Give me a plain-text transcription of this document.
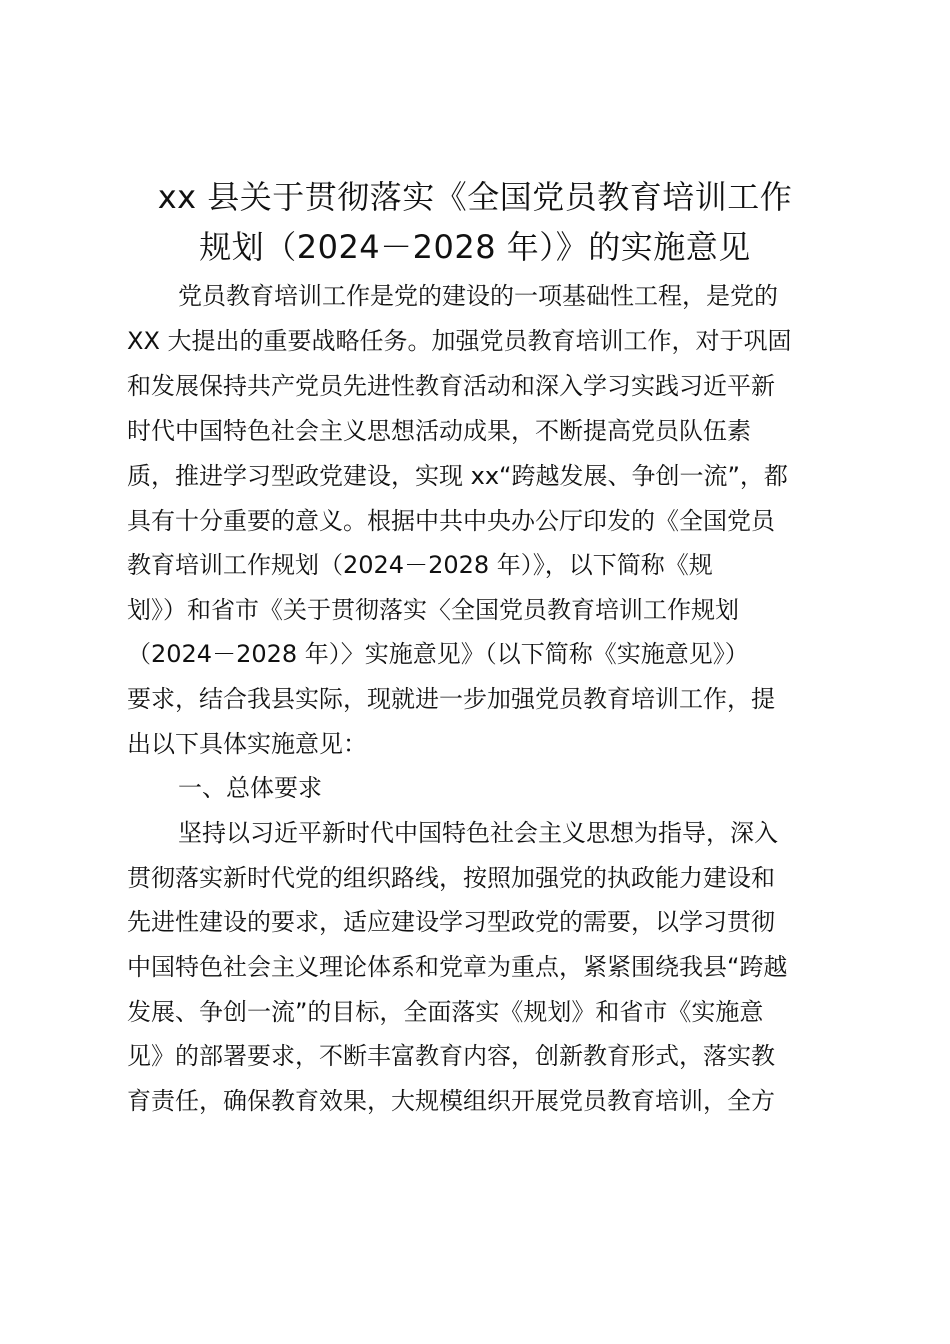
xx 县关于贯彻落实《全国党员教育培训工作
规划（2024－2028 年）》的实施意见
党员教育培训工作是党的建设的一项基础性工程，是党的
XX 大提出的重要战略任务。加强党员教育培训工作，对于巩固
和发展保持共产党员先进性教育活动和深入学习实践习近平新
时代中国特色社会主义思想活动成果，不断提高党员队伍素
质，推进学习型政党建设，实现 xx“跨越发展、争创一流”，都
具有十分重要的意义。根据中共中央办公厅印发的《全国党员
教育培训工作规划（2024－2028 年）》，以下简称《规
划》）和省市《关于贯彻落实〈全国党员教育培训工作规划
（2024－2028 年）〉实施意见》（以下简称《实施意见》）
要求，结合我县实际，现就进一步加强党员教育培训工作，提
出以下具体实施意见：
一、总体要求
坚持以习近平新时代中国特色社会主义思想为指导，深入
贯彻落实新时代党的组织路线，按照加强党的执政能力建设和
先进性建设的要求，适应建设学习型政党的需要，以学习贯彻
中国特色社会主义理论体系和党章为重点，紧紧围绕我县“跨越
发展、争创一流”的目标，全面落实《规划》和省市《实施意
见》的部署要求，不断丰富教育内容，创新教育形式，落实教
育责任，确保教育效果，大规模组织开展党员教育培训，全方
